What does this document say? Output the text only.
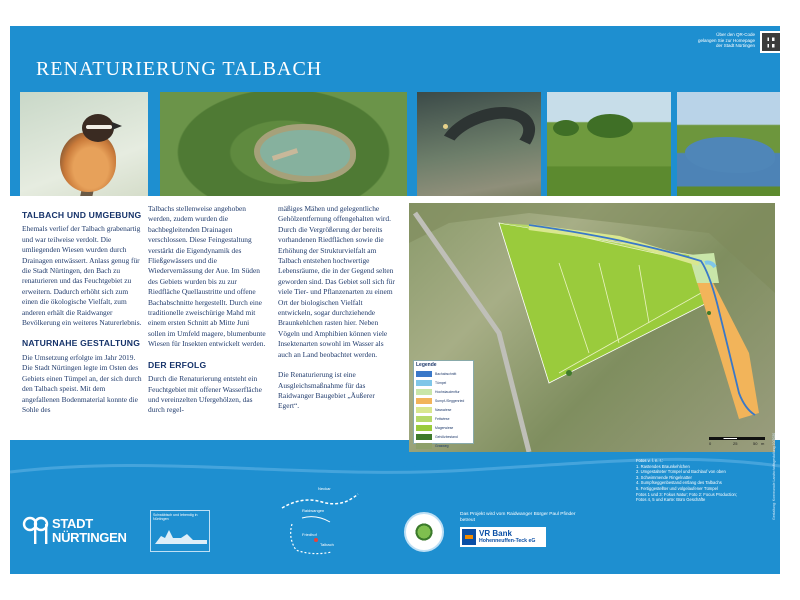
RENATURIERUNG TALBACH
Über den QR-Code
gelangen Sie zur Homepage
der Stadt Nürtingen
TALBACH UND UMGEBUNG

Ehemals verlief der Talbach grabenartig und war teilweise verdolt. Die umliegenden Wiesen wurden durch Drainagen entwässert. Anlass genug für die Stadt Nürtingen, den Bach zu renaturieren und das Feuchtgebiet zu erweitern. Dadurch erhöht sich zum einen die ökologische Vielfalt, zum anderen erhält die Raidwanger Bevölkerung ein weiteres Naturerlebnis.

NATURNAHE GESTALTUNG

Die Umsetzung erfolgte im Jahr 2019. Die Stadt Nürtingen legte im Osten des Gebiets einen Tümpel an, der sich durch den Talbach speist. Mit dem angefallenen Bodenmaterial konnte die Sohle des

Talbachs stellenweise angehoben werden, zudem wurden die bachbegleitenden Drainagen verschlossen. Diese Feingestaltung verstärkt die Eigendynamik des Fließgewässers und die Wiedervernässung der Aue. Im Süden des Gebiets wurden bis zu zur Riedfläche Quellaustritte und offene Bachabschnitte hergestellt. Durch eine traditionelle zweischürige Mahd mit einem ersten Schnitt ab Mitte Juni sollen im Umfeld magere, blumenbunte Wiesen für Insekten entwickelt werden.

DER ERFOLG

Durch die Renaturierung entsteht ein Feuchtgebiet mit offener Wasserfläche und vereinzelten Ufergehölzen, das durch regel-

mäßiges Mähen und gelegentliche Gehölzentfernung offengehalten wird. Durch die Vergrößerung der bereits vorhandenen Riedflächen sowie die Erhöhung der Strukturvielfalt am Talbach entstehen hochwertige Lebensräume, die in der Gegend selten geworden sind. Das Gebiet soll sich für viele Tier- und Pflanzenarten zu einem Ort der biologischen Vielfalt entwickeln, sogar durchziehende Braunkehlchen rasten hier. Neben Vögeln und Amphibien können viele Insektenarten sowohl im Wasser als auch an Land beobachtet werden.

Die Renaturierung ist eine Ausgleichsmaßnahme für das Raidwanger Baugebiet „Äußerer Egert“.

Legende
Bachabschnitt
Tümpel
Hochstaudenflur
Sumpf-/Seggenried
Nasswiese
Fettwiese
Magerwiese
Gehölzbestand
Grasweg	0	25	50 m
Fotos v. l. n. r.:
1. Rastendes Braunkehlchen
2. Umgestalteter Tümpel und Bachlauf von oben
3. Schwimmende Ringelnatter
4. Sumpfseggenbestand entlang des Talbachs
5. Fertiggestellter und volgelaufener Tümpel
Fotos 1 und 3: Fokus Natur; Foto 2: Focus Production;
Fotos 4, 5 und Karte: Büro Geschäfte	Gestaltung: Kommunale Landschaftsgestaltung 10/2020
STADT
NÜRTINGEN
Schwäbisch und lebendig in Nürtingen
Neckar
Raidwangen
Friedhof
Talbach
Das Projekt wird vom Raidwanger Bürger Paul Pfinder betreut
VR Bank
Hohenneuffen-Teck eG
